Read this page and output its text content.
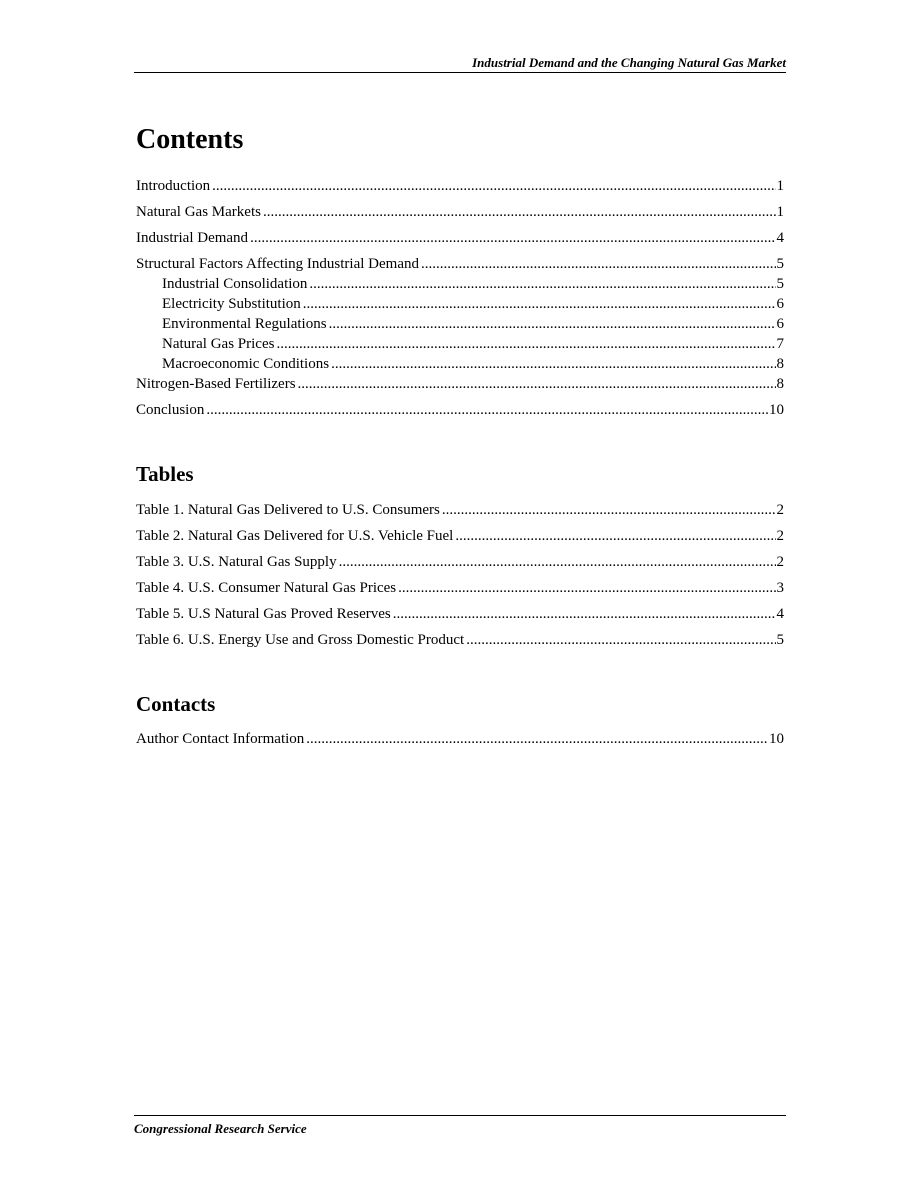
Industrial Demand and the Changing Natural Gas Market
Contents
Introduction .....	1
Natural Gas Markets .....	1
Industrial Demand .....	4
Structural Factors Affecting Industrial Demand .....	5
Industrial Consolidation .....	5
Electricity Substitution .....	6
Environmental Regulations .....	6
Natural Gas Prices .....	7
Macroeconomic Conditions .....	8
Nitrogen-Based Fertilizers .....	8
Conclusion .....	10
Tables
Table 1. Natural Gas Delivered to U.S. Consumers .....	2
Table 2. Natural Gas Delivered for U.S. Vehicle Fuel .....	2
Table 3. U.S. Natural Gas Supply .....	2
Table 4. U.S. Consumer Natural Gas Prices .....	3
Table 5. U.S Natural Gas Proved Reserves .....	4
Table 6. U.S. Energy Use and Gross Domestic Product .....	5
Contacts
Author Contact Information .....	10
Congressional Research Service
